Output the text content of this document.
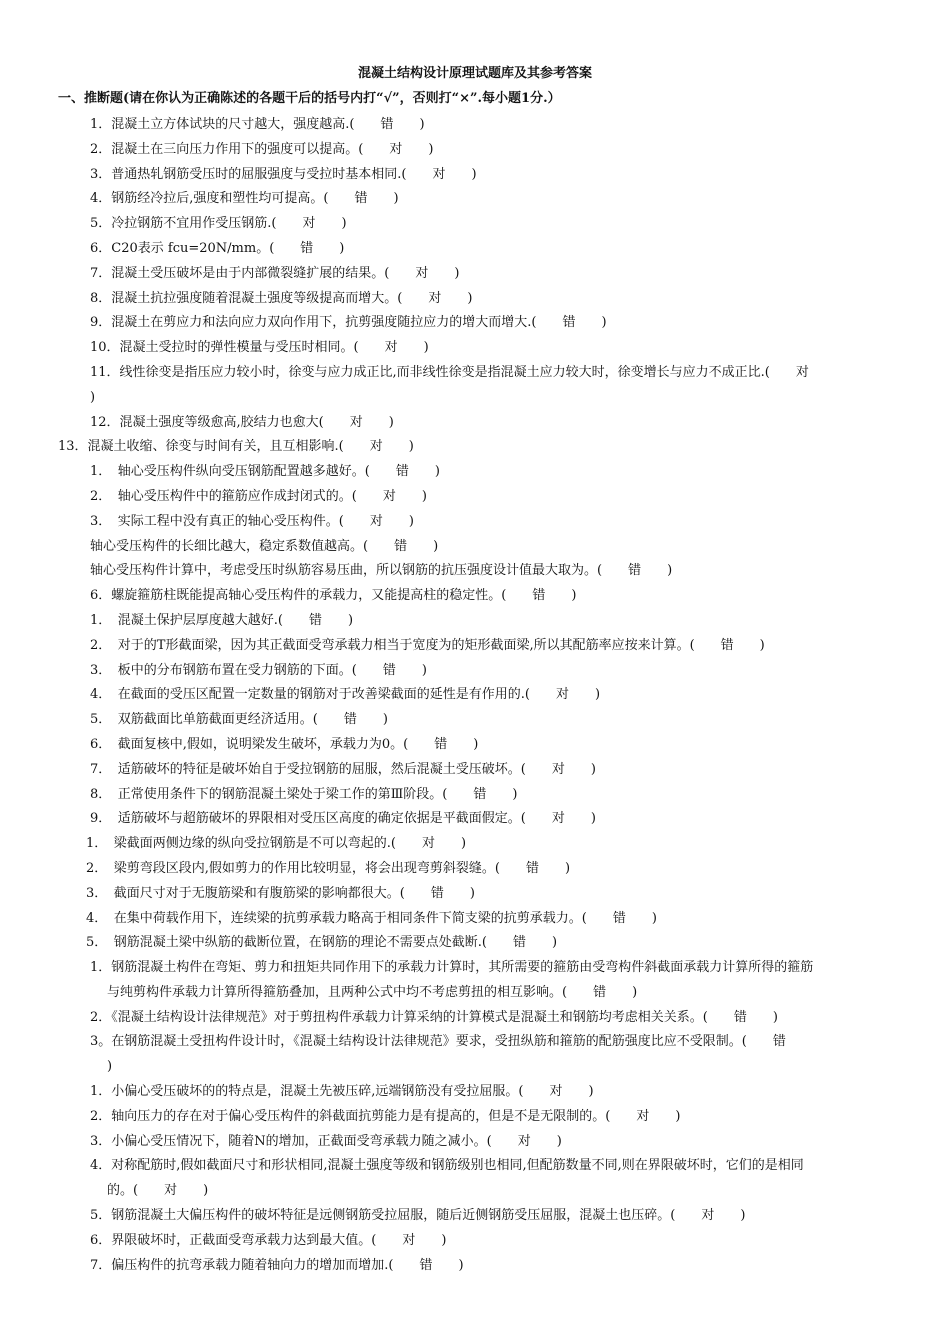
混凝土结构设计原理试题库及其参考答案
一、推断题(请在你认为正确陈述的各题干后的括号内打“√”，否则打“×”.每小题1分.）
1．混凝土立方体试块的尺寸越大，强度越高.(　　错　　)
2．混凝土在三向压力作用下的强度可以提高。(　　对　　)
3．普通热轧钢筋受压时的屈服强度与受拉时基本相同.(　　对　　)
4．钢筋经冷拉后,强度和塑性均可提高。(　　错　　)
5．冷拉钢筋不宜用作受压钢筋.(　　对　　)
6．C20表示 fcu=20N/mm。(　　错　　)
7．混凝土受压破坏是由于内部微裂缝扩展的结果。(　　对　　)
8．混凝土抗拉强度随着混凝土强度等级提高而增大。(　　对　　)
9．混凝土在剪应力和法向应力双向作用下，抗剪强度随拉应力的增大而增大.(　　错　　)
10．混凝土受拉时的弹性模量与受压时相同。(　　对　　)
11．线性徐变是指压应力较小时，徐变与应力成正比,而非线性徐变是指混凝土应力较大时，徐变增长与应力不成正比.(　　对
)
12．混凝土强度等级愈高,胶结力也愈大(　　对　　)
13．混凝土收缩、徐变与时间有关，且互相影响.(　　对　　)
1．　轴心受压构件纵向受压钢筋配置越多越好。(　　错　　)
2．　轴心受压构件中的箍筋应作成封闭式的。(　　对　　)
3．　实际工程中没有真正的轴心受压构件。(　　对　　)
轴心受压构件的长细比越大，稳定系数值越高。(　　错　　)
轴心受压构件计算中，考虑受压时纵筋容易压曲，所以钢筋的抗压强度设计值最大取为。(　　错　　)
6．螺旋箍筋柱既能提高轴心受压构件的承载力，又能提高柱的稳定性。(　　错　　)
1．　混凝土保护层厚度越大越好.(　　错　　)
2．　对于的T形截面梁，因为其正截面受弯承载力相当于宽度为的矩形截面梁,所以其配筋率应按来计算。(　　错　　)
3．　板中的分布钢筋布置在受力钢筋的下面。(　　错　　)
4．　在截面的受压区配置一定数量的钢筋对于改善梁截面的延性是有作用的.(　　对　　)
5．　双筋截面比单筋截面更经济适用。(　　错　　)
6．　截面复核中,假如，说明梁发生破坏，承载力为0。(　　错　　)
7．　适筋破坏的特征是破坏始自于受拉钢筋的屈服，然后混凝土受压破坏。(　　对　　)
8．　正常使用条件下的钢筋混凝土梁处于梁工作的第Ⅲ阶段。(　　错　　)
9．　适筋破坏与超筋破坏的界限相对受压区高度的确定依据是平截面假定。(　　对　　)
1．　梁截面两侧边缘的纵向受拉钢筋是不可以弯起的.(　　对　　)
2．　梁剪弯段区段内,假如剪力的作用比较明显，将会出现弯剪斜裂缝。(　　错　　)
3．　截面尺寸对于无腹筋梁和有腹筋梁的影响都很大。(　　错　　)
4．　在集中荷载作用下，连续梁的抗剪承载力略高于相同条件下简支梁的抗剪承载力。(　　错　　)
5．　钢筋混凝土梁中纵筋的截断位置，在钢筋的理论不需要点处截断.(　　错　　)
1．钢筋混凝土构件在弯矩、剪力和扭矩共同作用下的承载力计算时，其所需要的箍筋由受弯构件斜截面承载力计算所得的箍筋
与纯剪构件承载力计算所得箍筋叠加，且两种公式中均不考虑剪扭的相互影响。(　　错　　)
2．《混凝土结构设计法律规范》对于剪扭构件承载力计算采纳的计算模式是混凝土和钢筋均考虑相关关系。(　　错　　)
3。在钢筋混凝土受扭构件设计时，《混凝土结构设计法律规范》要求，受扭纵筋和箍筋的配筋强度比应不受限制。(　　错
)
1．小偏心受压破坏的的特点是，混凝土先被压碎,远端钢筋没有受拉屈服。(　　对　　)
2．轴向压力的存在对于偏心受压构件的斜截面抗剪能力是有提高的，但是不是无限制的。(　　对　　)
3．小偏心受压情况下，随着N的增加，正截面受弯承载力随之减小。(　　对　　)
4．对称配筋时,假如截面尺寸和形状相同,混凝土强度等级和钢筋级别也相同,但配筋数量不同,则在界限破坏时，它们的是相同
的。(　　对　　)
5．钢筋混凝土大偏压构件的破坏特征是远侧钢筋受拉屈服，随后近侧钢筋受压屈服，混凝土也压碎。(　　对　　)
6．界限破坏时，正截面受弯承载力达到最大值。(　　对　　)
7．偏压构件的抗弯承载力随着轴向力的增加而增加.(　　错　　)
